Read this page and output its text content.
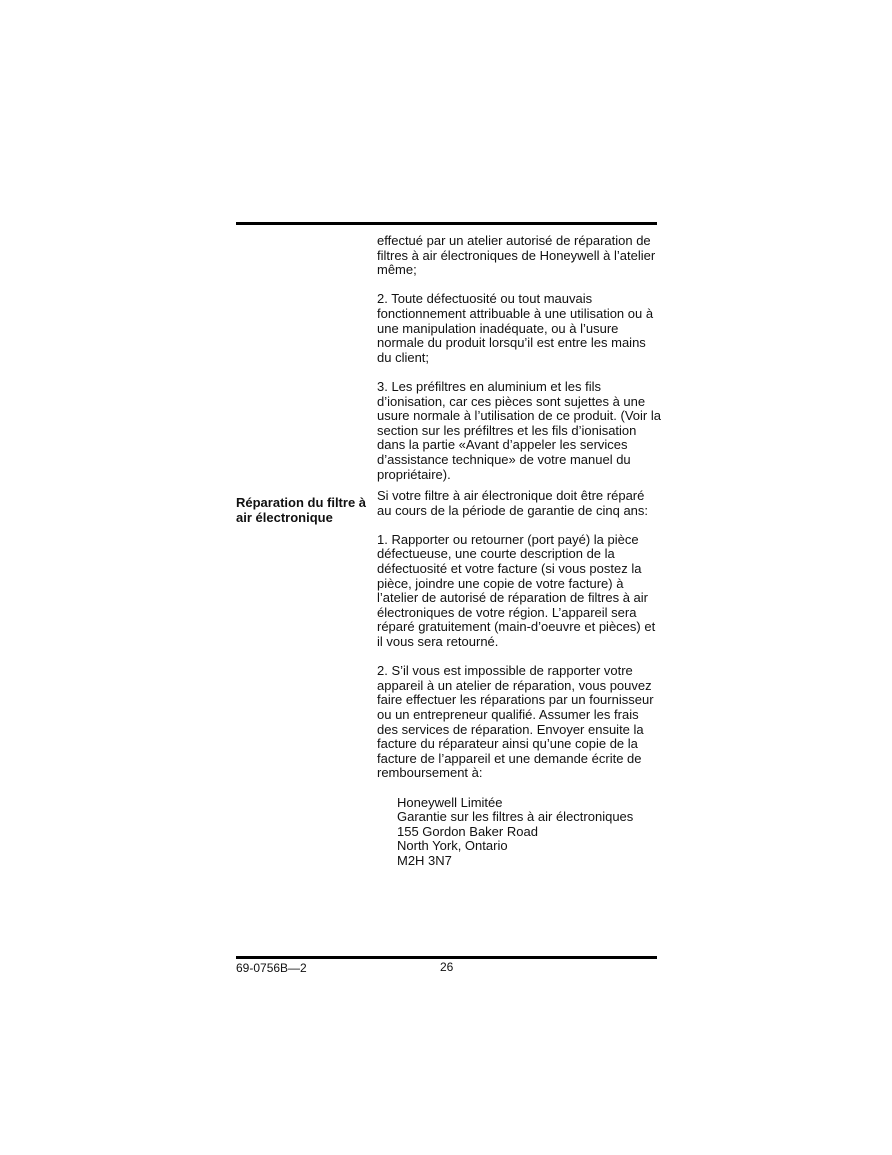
Réparation du filtre à air électronique

effectué par un atelier autorisé de réparation de filtres à air électroniques de Honeywell à l’atelier même;

2. Toute défectuosité ou tout mauvais fonctionnement attribuable à une utilisation ou à une manipulation inadéquate, ou à l’usure normale du produit lorsqu’il est entre les mains du client;

3. Les préfiltres en aluminium et les fils d’ionisation, car ces pièces sont sujettes à une usure normale à l’utilisation de ce produit. (Voir la section sur les préfiltres et les fils d’ionisation dans la partie «Avant d’appeler les services d’assistance technique» de votre manuel du propriétaire).

Si votre filtre à air électronique doit être réparé au cours de la période de garantie de cinq ans:

1. Rapporter ou retourner (port payé) la pièce défectueuse, une courte description de la défectuosité et votre facture (si vous postez la pièce, joindre une copie de votre facture) à l’atelier de autorisé de réparation de filtres à air électroniques de votre région. L’appareil sera réparé gratuitement (main-d’oeuvre et pièces) et il vous sera retourné.

2. S’il vous est impossible de rapporter votre appareil à un atelier de réparation, vous pouvez faire effectuer les réparations par un fournisseur ou un entrepreneur qualifié. Assumer les frais des services de réparation. Envoyer ensuite la facture du réparateur ainsi qu’une copie de la facture de l’appareil et une demande écrite de remboursement à:

Honeywell Limitée
Garantie sur les filtres à air électroniques
155 Gordon Baker Road
North York, Ontario
M2H 3N7
69-0756B—2	26
